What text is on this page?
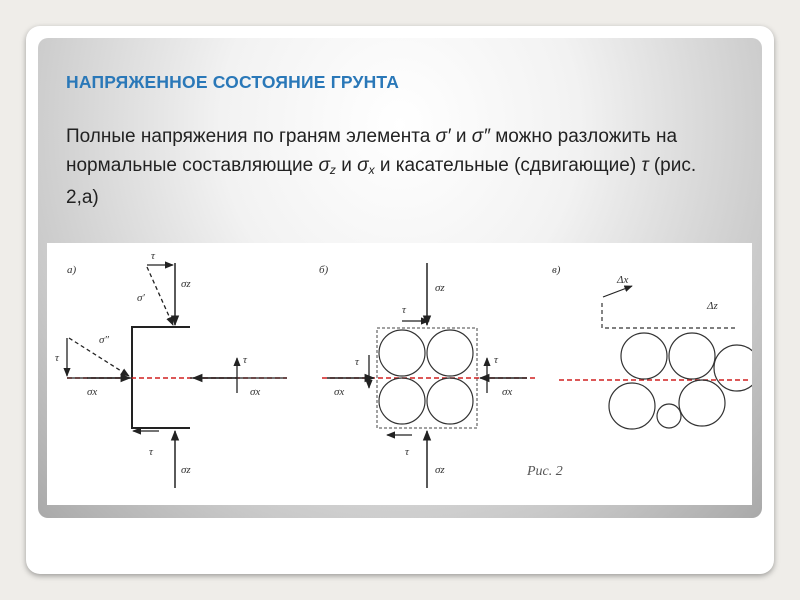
НАПРЯЖЕННОЕ СОСТОЯНИЕ ГРУНТА
Полные напряжения по граням элемента σ′ и σ″ можно разложить на нормальные составляющие $\sigma_z$ и $\sigma_x$ и касательные (сдвигающие) τ (рис. 2,а)
а)
τ
σz
σ′
τ
σ″
σx
τ
σx
τ
σz
б)
σz
τ
τ
σx
τ
σx
τ
σz
в)
Δx
Δz
Рис. 2
